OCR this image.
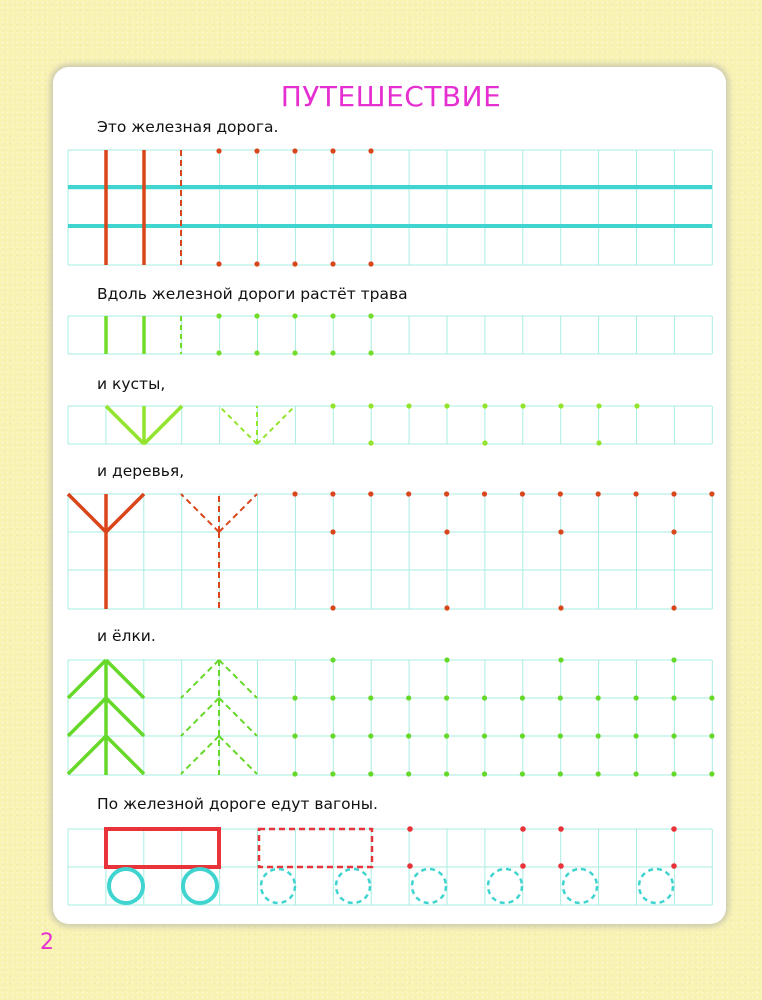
ПУТЕШЕСТВИЕ
Это железная дорога.
Вдоль железной дороги растёт трава
и кусты,
и деревья,
и ёлки.
По железной дороге едут вагоны.
2
